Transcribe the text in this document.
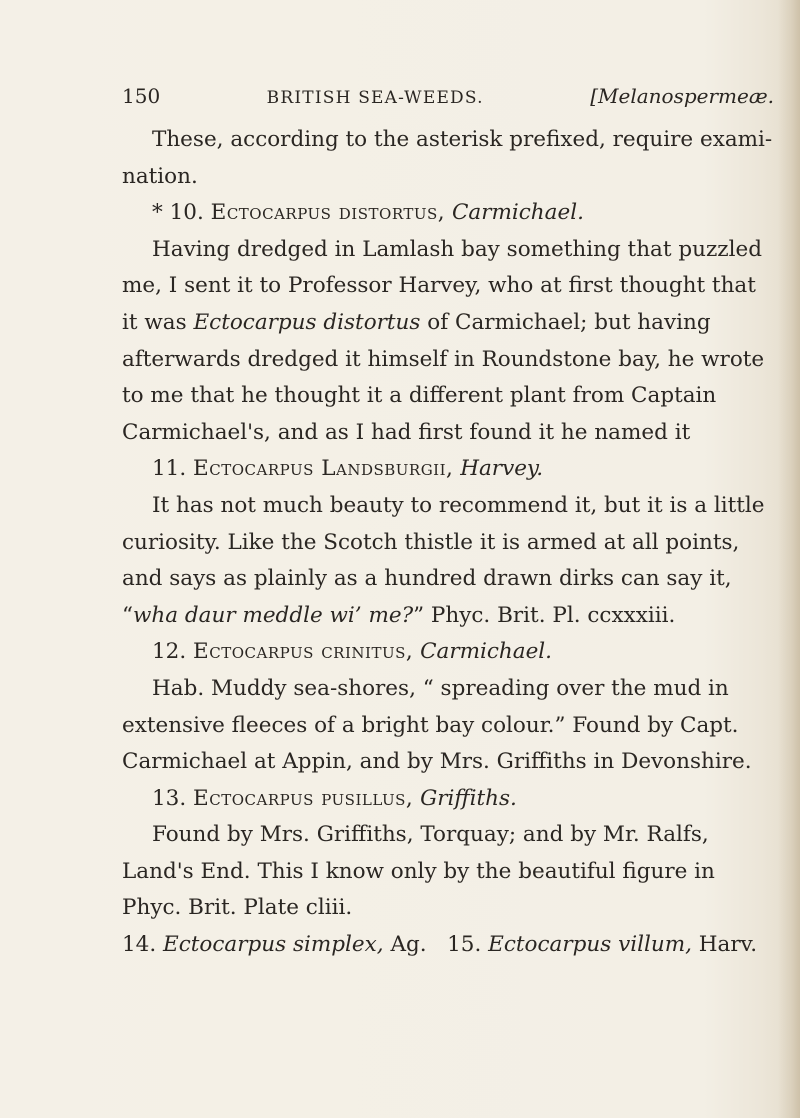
150	BRITISH SEA-WEEDS.	[Melanospermeæ.

These, according to the asterisk prefixed, require exami- nation.

* 10. Ectocarpus distortus, Carmichael.

Having dredged in Lamlash bay something that puzzled me, I sent it to Professor Harvey, who at first thought that it was Ectocarpus distortus of Carmichael; but having afterwards dredged it himself in Roundstone bay, he wrote to me that he thought it a different plant from Captain Carmichael's, and as I had first found it he named it

11. Ectocarpus Landsburgii, Harvey.

It has not much beauty to recommend it, but it is a little curiosity. Like the Scotch thistle it is armed at all points, and says as plainly as a hundred drawn dirks can say it, “wha daur meddle wi’ me?” Phyc. Brit. Pl. ccxxxiii.

12. Ectocarpus crinitus, Carmichael.

Hab. Muddy sea-shores, “ spreading over the mud in extensive fleeces of a bright bay colour.” Found by Capt. Carmichael at Appin, and by Mrs. Griffiths in Devonshire.

13. Ectocarpus pusillus, Griffiths.

Found by Mrs. Griffiths, Torquay; and by Mr. Ralfs, Land's End. This I know only by the beautiful figure in Phyc. Brit. Plate cliii.

14. Ectocarpus simplex, Ag. 15. Ectocarpus villum, Harv.
